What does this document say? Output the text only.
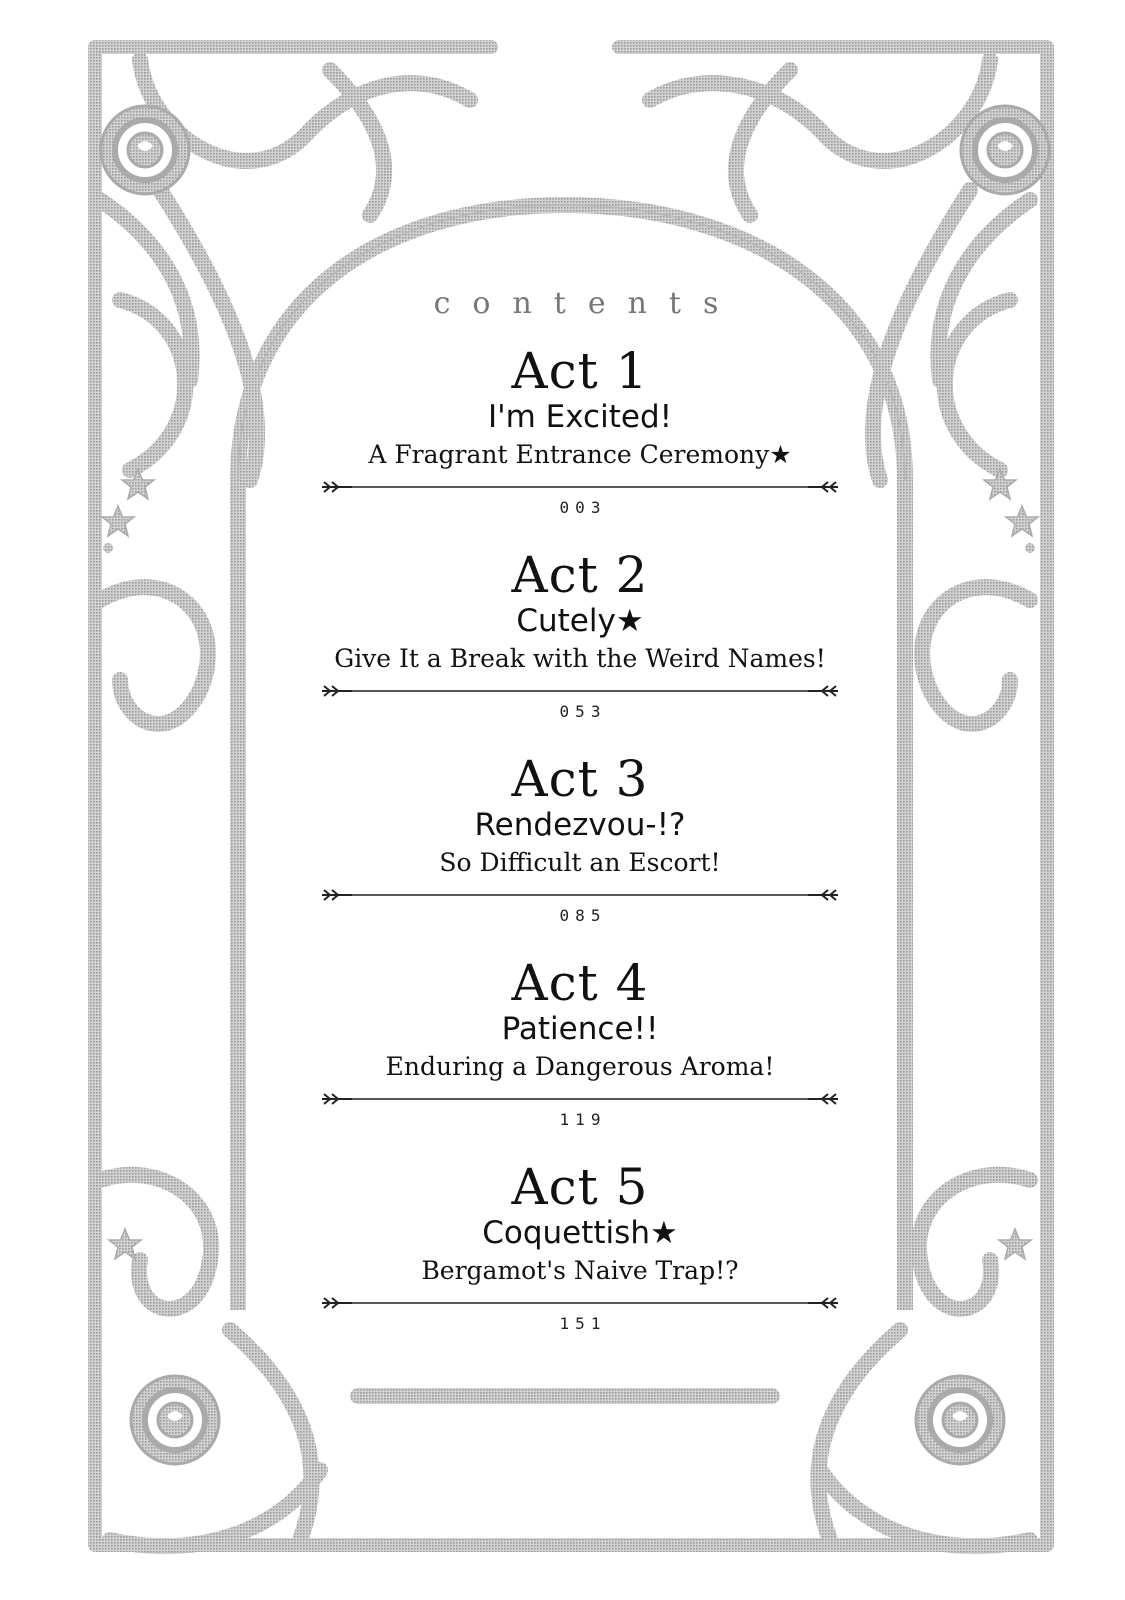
contents
Act 1
I'm Excited!
A Fragrant Entrance Ceremony★
003
Act 2
Cutely★
Give It a Break with the Weird Names!
053
Act 3
Rendezvou-!?
So Difficult an Escort!
085
Act 4
Patience!!
Enduring a Dangerous Aroma!
119
Act 5
Coquettish★
Bergamot's Naive Trap!?
151
